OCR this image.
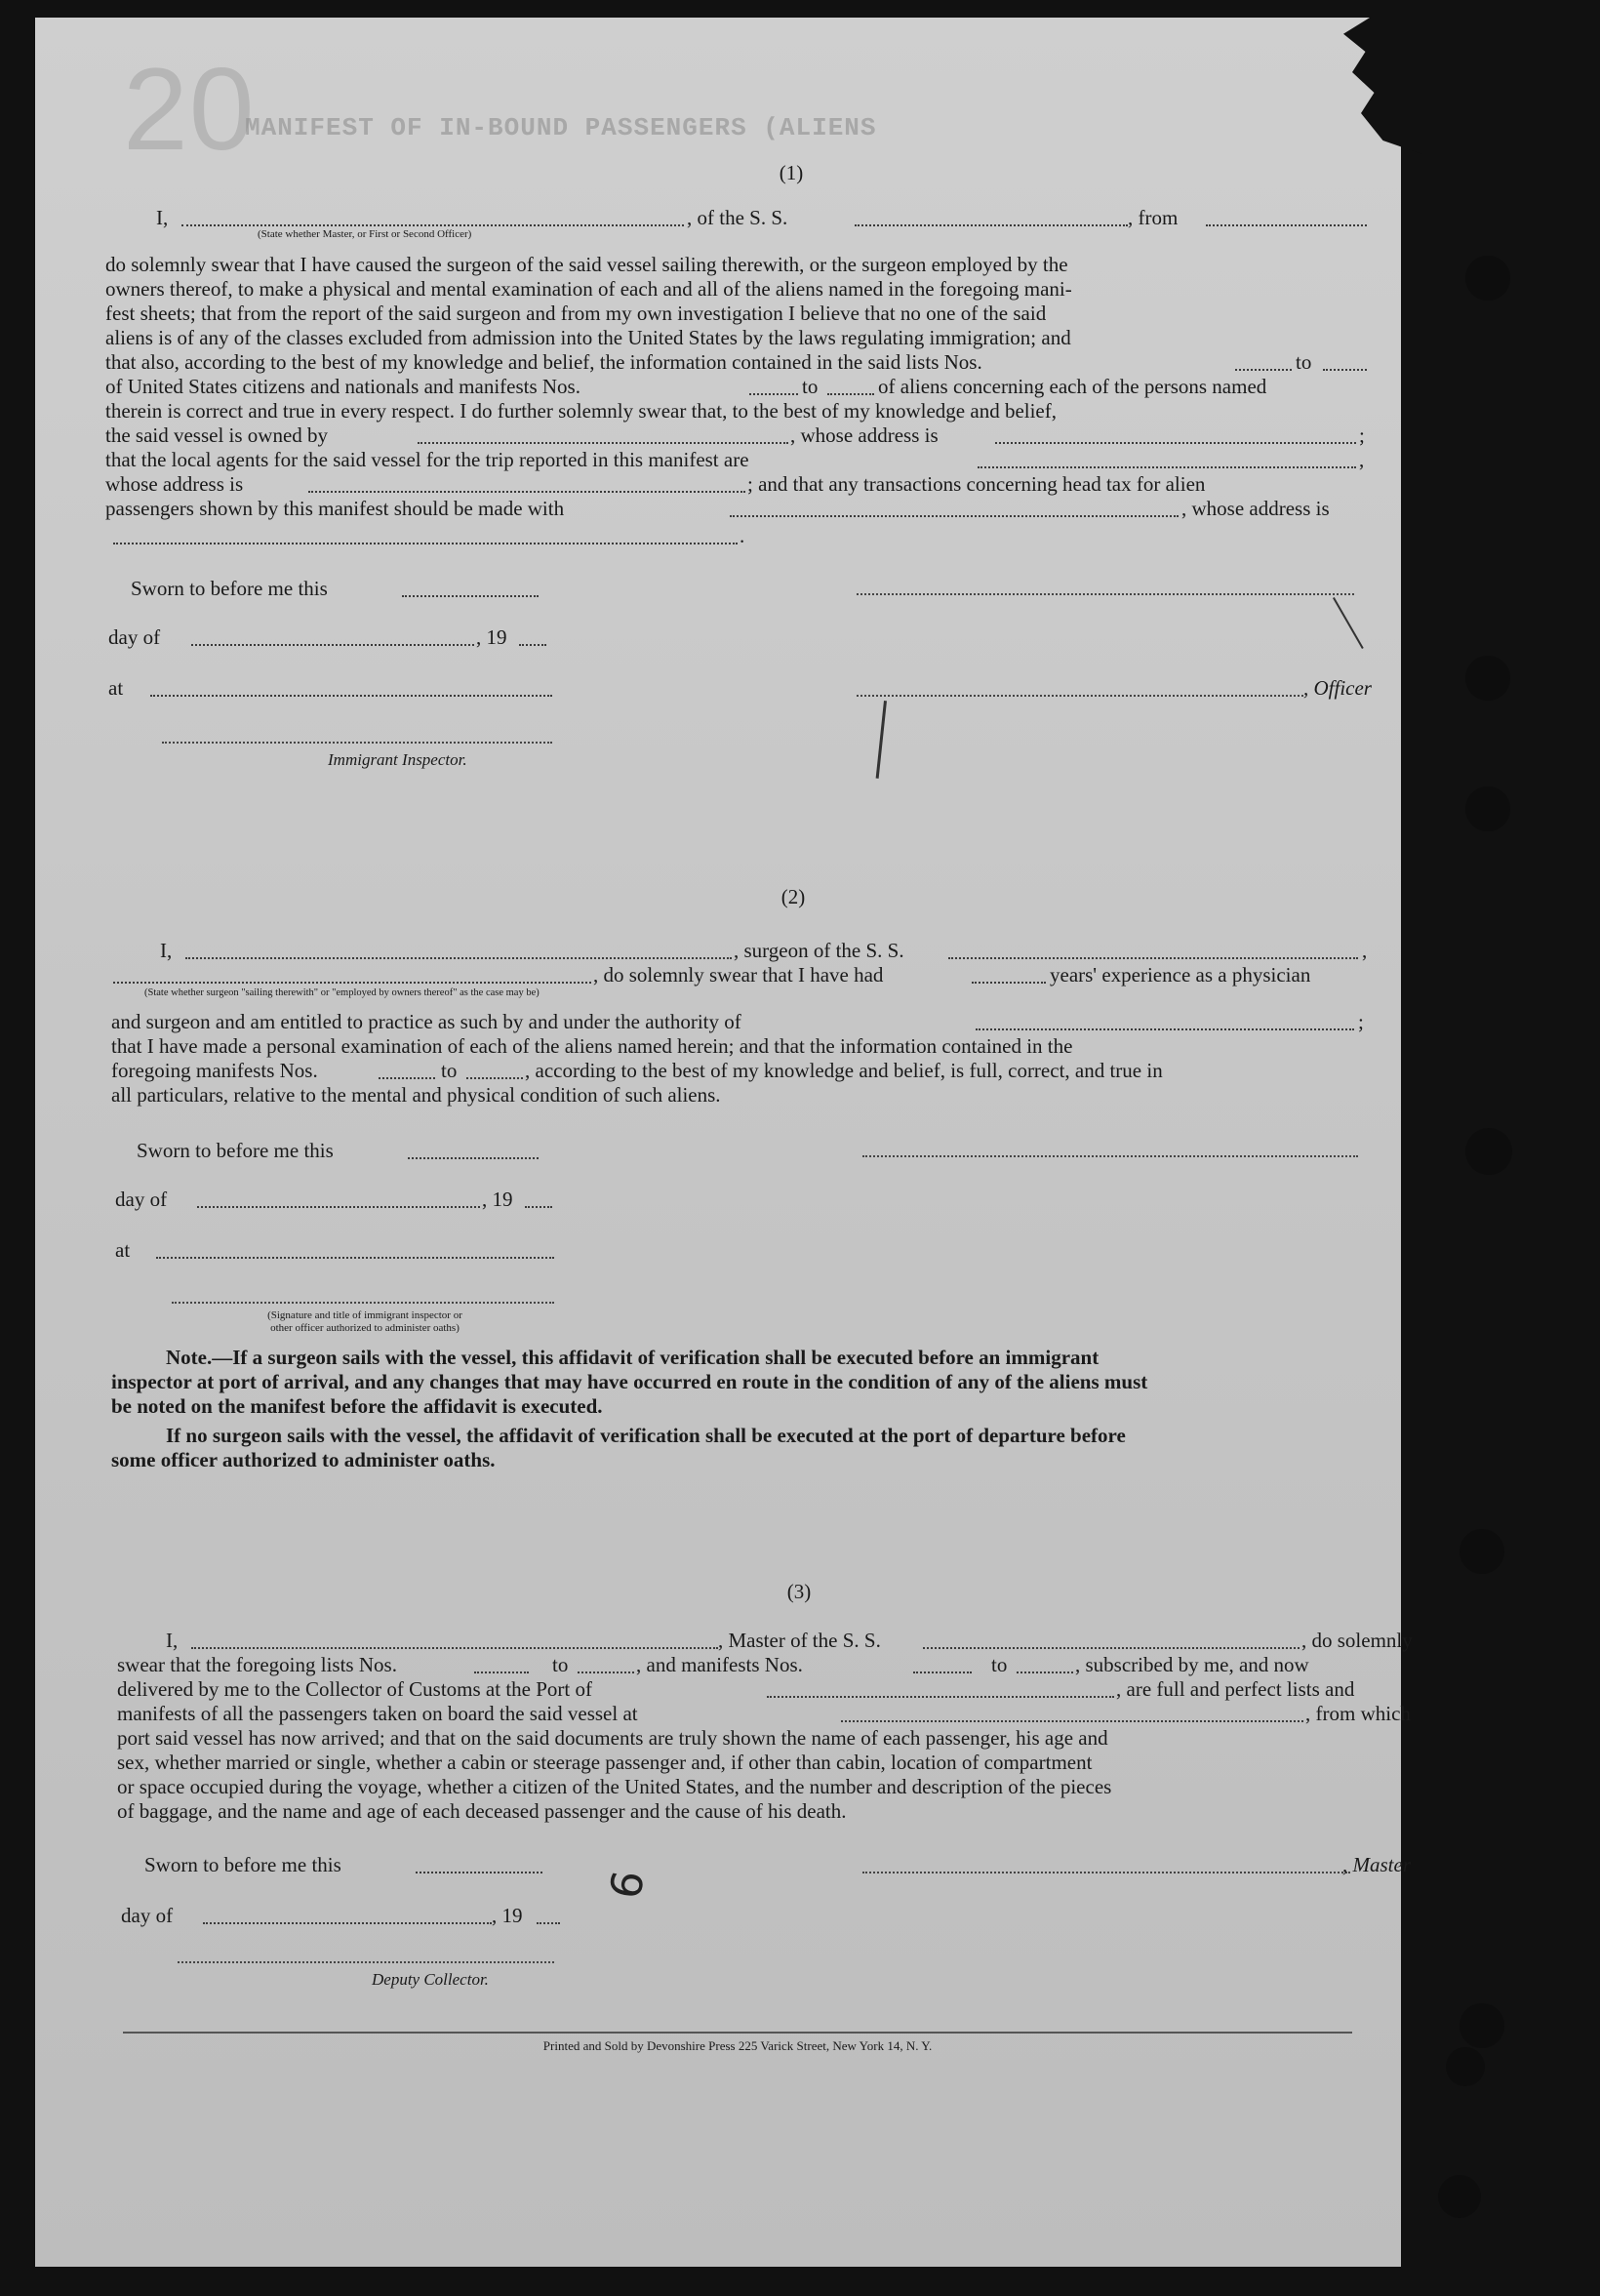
MANIFEST OF IN-BOUND PASSENGERS (ALIENS
20	(1)
I,	, of the S. S.	, from
(State whether Master, or First or Second Officer)
do solemnly swear that I have caused the surgeon of the said vessel sailing therewith, or the surgeon employed by the
owners thereof, to make a physical and mental examination of each and all of the aliens named in the foregoing mani-
fest sheets; that from the report of the said surgeon and from my own investigation I believe that no one of the said
aliens is of any of the classes excluded from admission into the United States by the laws regulating immigration; and
that also, according to the best of my knowledge and belief, the information contained in the said lists Nos.	to
of United States citizens and nationals and manifests Nos.	to	of aliens concerning each of the persons named
therein is correct and true in every respect. I do further solemnly swear that, to the best of my knowledge and belief,
the said vessel is owned by	, whose address is	;
that the local agents for the said vessel for the trip reported in this manifest are	,
whose address is	; and that any transactions concerning head tax for alien
passengers shown by this manifest should be made with	, whose address is
.
Sworn to before me this
day of	, 19
at	, Officer
Immigrant Inspector.
(2)
I,	, surgeon of the S. S.	,
, do solemnly swear that I have had	years' experience as a physician
(State whether surgeon "sailing therewith" or "employed by owners thereof" as the case may be)
and surgeon and am entitled to practice as such by and under the authority of	;
that I have made a personal examination of each of the aliens named herein; and that the information contained in the
foregoing manifests Nos.	to	, according to the best of my knowledge and belief, is full, correct, and true in
all particulars, relative to the mental and physical condition of such aliens.
Sworn to before me this
day of	, 19
at
(Signature and title of immigrant inspector or
other officer authorized to administer oaths)
Note.—If a surgeon sails with the vessel, this affidavit of verification shall be executed before an immigrant
inspector at port of arrival, and any changes that may have occurred en route in the condition of any of the aliens must
be noted on the manifest before the affidavit is executed.
If no surgeon sails with the vessel, the affidavit of verification shall be executed at the port of departure before
some officer authorized to administer oaths.
(3)
I,	, Master of the S. S.	, do solemnly
swear that the foregoing lists Nos.	to	, and manifests Nos.	to	, subscribed by me, and now
delivered by me to the Collector of Customs at the Port of	, are full and perfect lists and
manifests of all the passengers taken on board the said vessel at	, from which
port said vessel has now arrived; and that on the said documents are truly shown the name of each passenger, his age and
sex, whether married or single, whether a cabin or steerage passenger and, if other than cabin, location of compartment
or space occupied during the voyage, whether a citizen of the United States, and the number and description of the pieces
of baggage, and the name and age of each deceased passenger and the cause of his death.
Sworn to before me this	, Master
day of	, 19
9
Deputy Collector.
Printed and Sold by Devonshire Press 225 Varick Street, New York 14, N. Y.
